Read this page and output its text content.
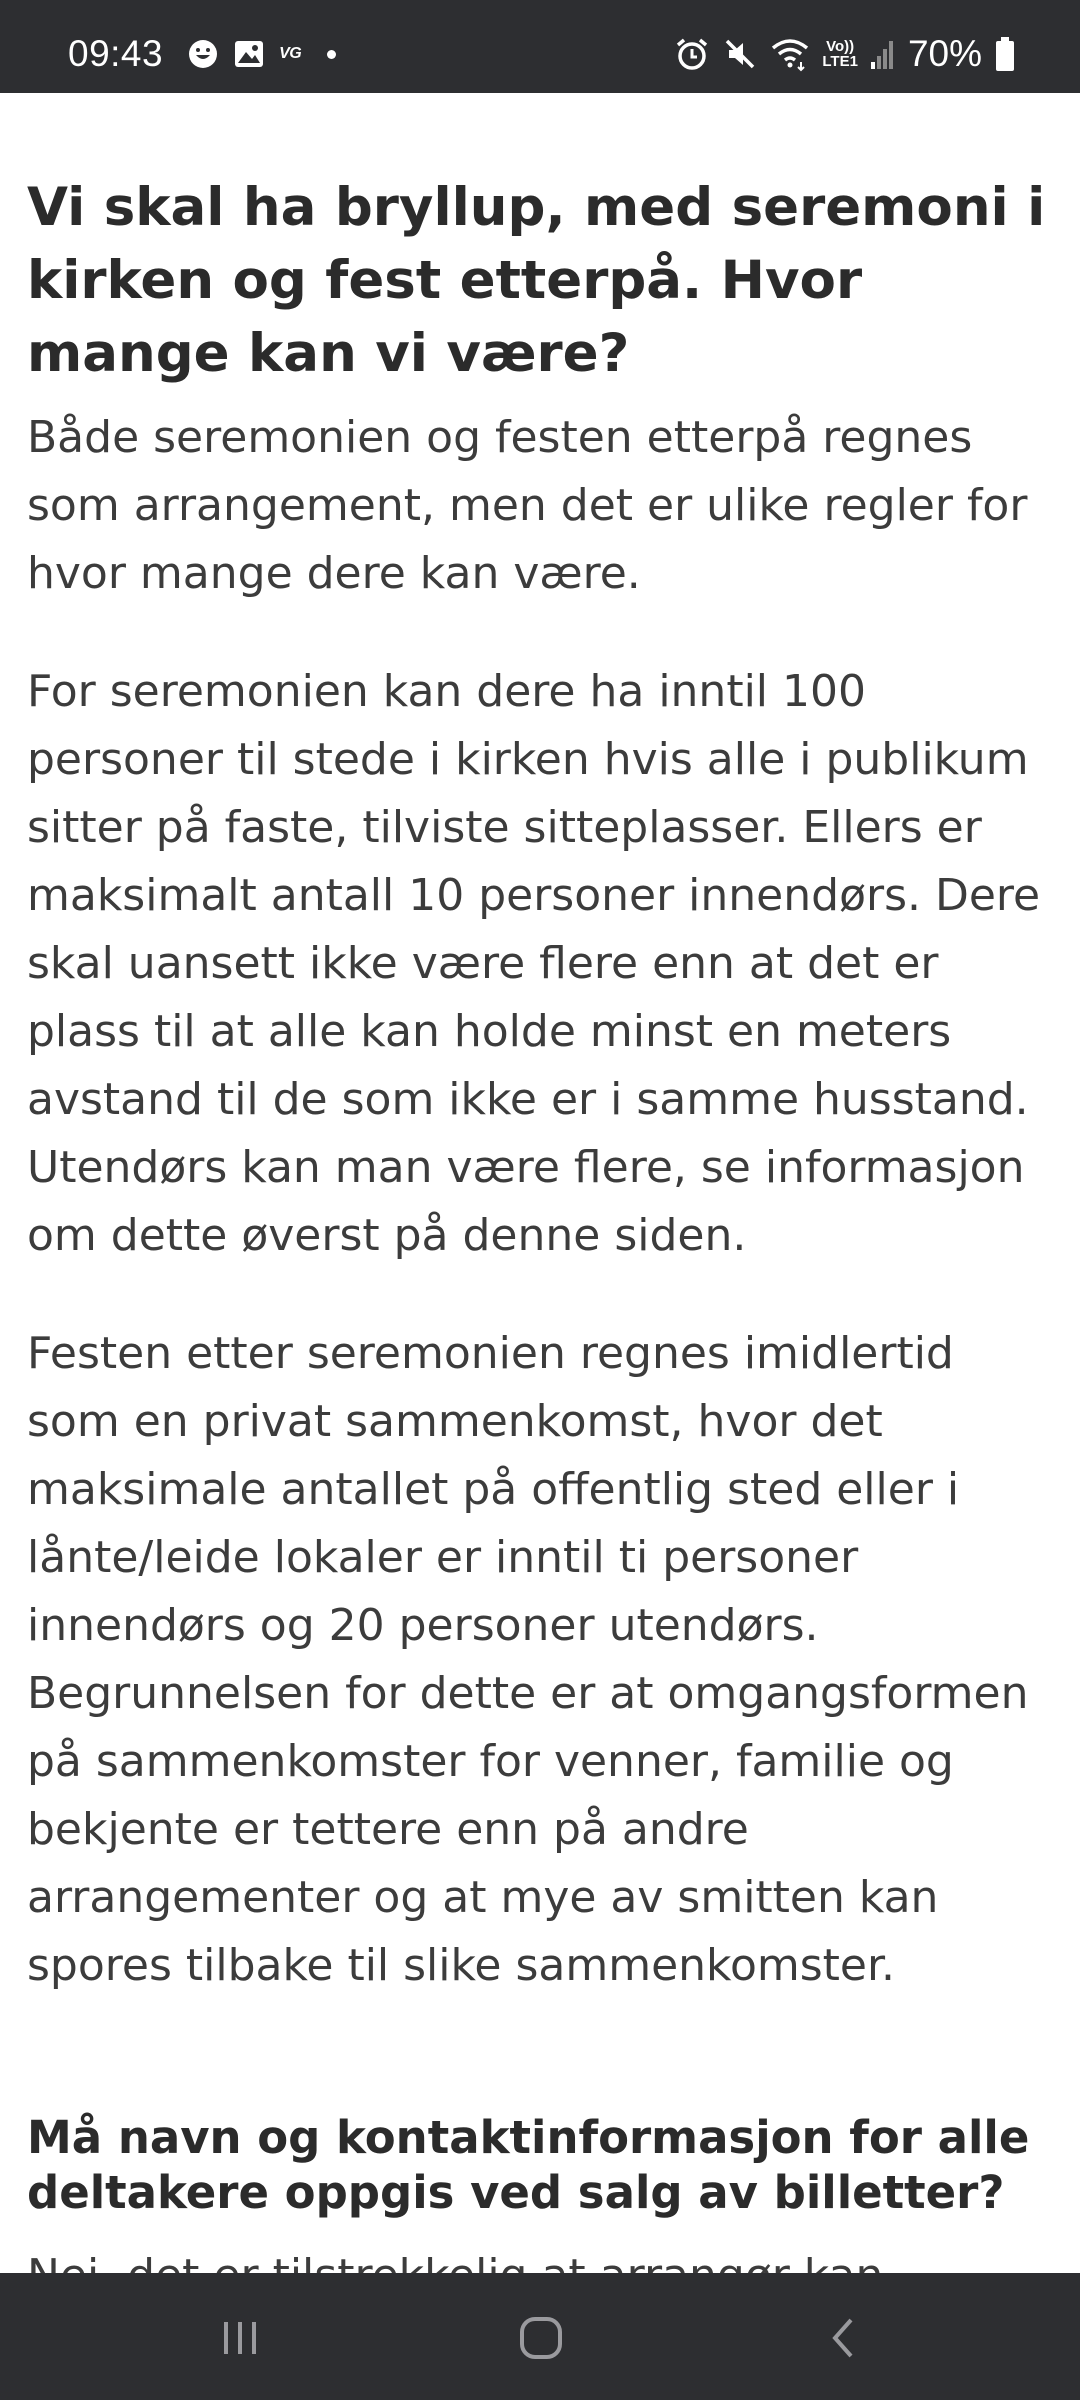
09:43	VG	Vo))
LTE1 70%
Vi skal ha bryllup, med seremoni i kirken og fest etterpå. Hvor mange kan vi være?

Både seremonien og festen etterpå regnes som arrangement, men det er ulike regler for hvor mange dere kan være.

For seremonien kan dere ha inntil 100 personer til stede i kirken hvis alle i publikum sitter på faste, tilviste sitteplasser. Ellers er maksimalt antall 10 personer innendørs. Dere skal uansett ikke være flere enn at det er plass til at alle kan holde minst en meters avstand til de som ikke er i samme husstand. Utendørs kan man være flere, se informasjon om dette øverst på denne siden.

Festen etter seremonien regnes imidlertid som en privat sammenkomst, hvor det maksimale antallet på offentlig sted eller i lånte/leide lokaler er inntil ti personer innendørs og 20 personer utendørs. Begrunnelsen for dette er at omgangsformen på sammenkomster for venner, familie og bekjente er tettere enn på andre arrangementer og at mye av smitten kan spores tilbake til slike sammenkomster.

Må navn og kontaktinformasjon for alle deltakere oppgis ved salg av billetter?
